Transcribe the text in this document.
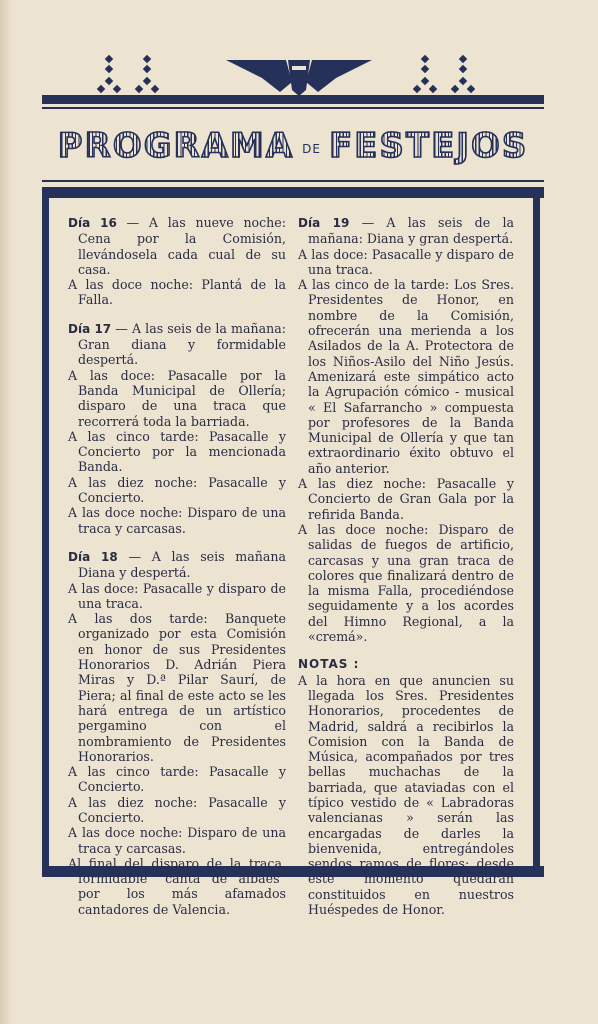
PROGRAMA DE FESTEJOS

Día 16 — A las nueve noche: Cena por la Comisión, llevándosela cada cual de su casa.

A las doce noche: Plantá de la Falla.

Día 17 — A las seis de la mañana: Gran diana y formidable despertá.

A las doce: Pasacalle por la Banda Municipal de Ollería; disparo de una traca que recorrerá toda la barriada.

A las cinco tarde: Pasacalle y Concierto por la mencionada Banda.

A las diez noche: Pasacalle y Concierto.

A las doce noche: Disparo de una traca y carcasas.

Día 18 — A las seis mañana Diana y despertá.

A las doce: Pasacalle y disparo de una traca.

A las dos tarde: Banquete organizado por esta Comisión en honor de sus Presidentes Honorarios D. Adrián Piera Miras y D.ª Pilar Saurí, de Piera; al final de este acto se les hará entrega de un artístico pergamino con el nombramiento de Presidentes Honorarios.

A las cinco tarde: Pasacalle y Concierto.

A las diez noche: Pasacalle y Concierto.

A las doce noche: Disparo de una traca y carcasas.

Al final del disparo de la traca, formidable “cantá de albaes“ por los más afamados cantadores de Valencia.

Día 19 — A las seis de la mañana: Diana y gran despertá.

A las doce: Pasacalle y disparo de una traca.

A las cinco de la tarde: Los Sres. Presidentes de Honor, en nombre de la Comisión, ofrecerán una merienda a los Asilados de la A. Protectora de los Niños-Asilo del Niño Jesús. Amenizará este simpático acto la Agrupación cómico - musical « El Safarrancho » compuesta por profesores de la Banda Municipal de Ollería y que tan extraordinario éxito obtuvo el año anterior.

A las diez noche: Pasacalle y Concierto de Gran Gala por la refirida Banda.

A las doce noche: Disparo de salidas de fuegos de artificio, carcasas y una gran traca de colores que finalizará dentro de la misma Falla, procediéndose seguidamente y a los acordes del Himno Regional, a la «cremá».

NOTAS :

A la hora en que anuncien su llegada los Sres. Presidentes Honorarios, procedentes de Madrid, saldrá a recibirlos la Comision con la Banda de Música, acompañados por tres bellas muchachas de la barriada, que ataviadas con el típico vestido de « Labradoras valencianas » serán las encargadas de darles la bienvenida, entregándoles sendos ramos de flores; desde este momento quedarán constituidos en nuestros Huéspedes de Honor.
